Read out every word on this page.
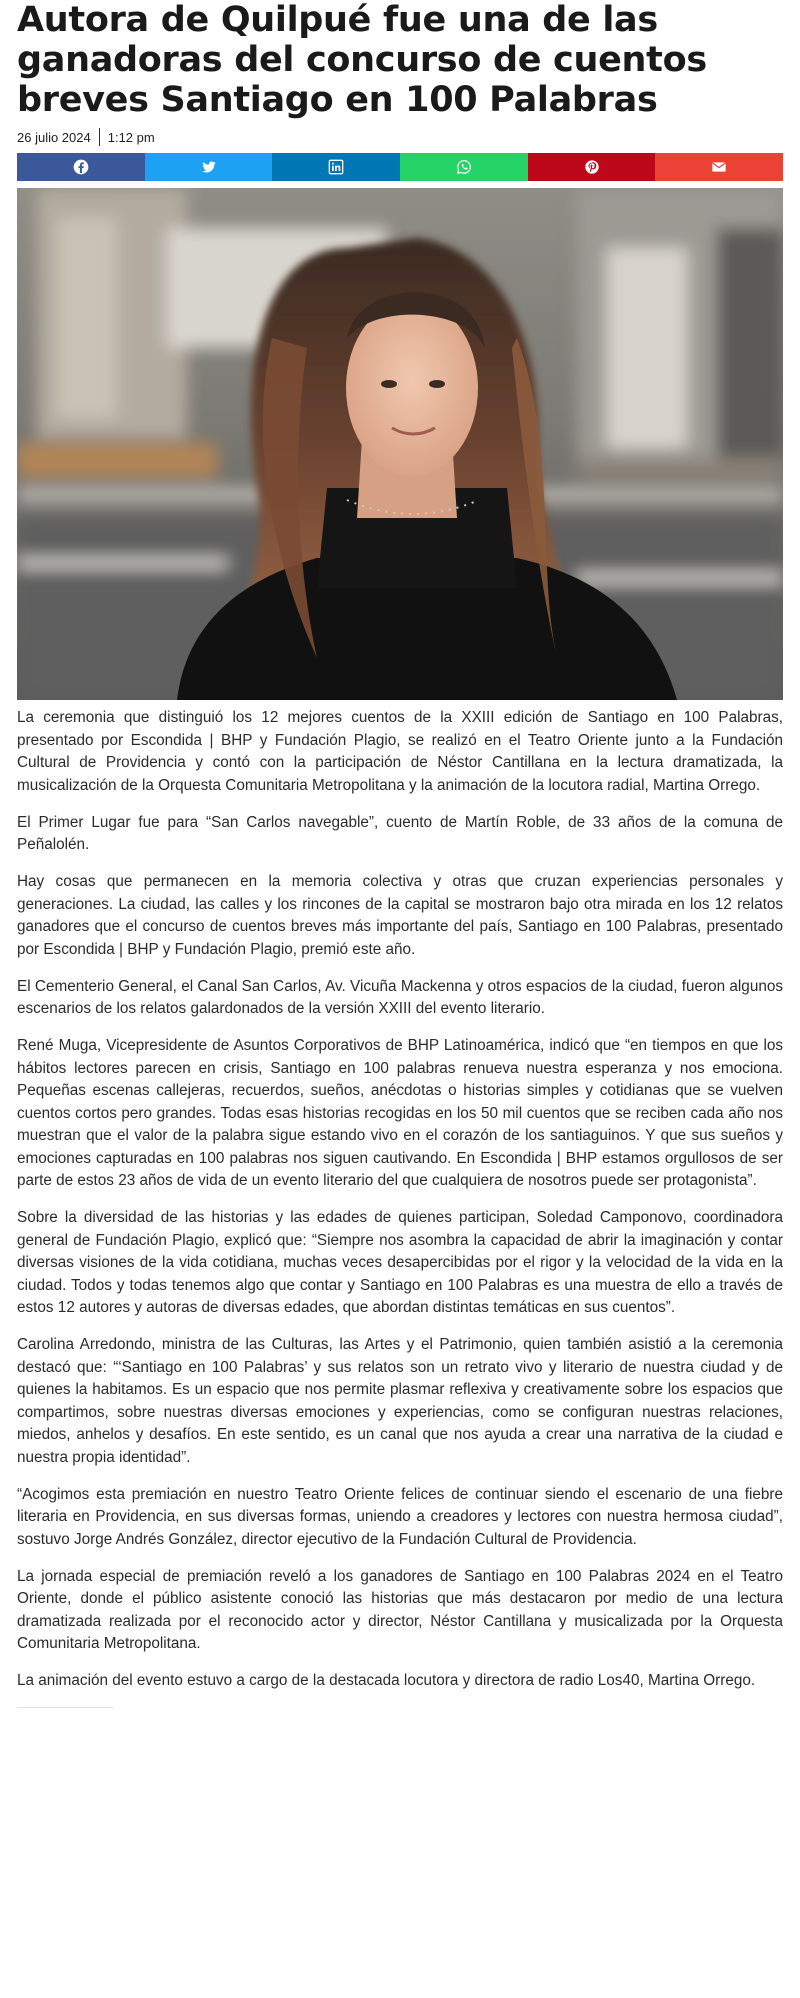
Autora de Quilpué fue una de las ganadoras del concurso de cuentos breves Santiago en 100 Palabras
26 julio 2024 1:12 pm

La ceremonia que distinguió los 12 mejores cuentos de la XXIII edición de Santiago en 100 Palabras, presentado por Escondida | BHP y Fundación Plagio, se realizó en el Teatro Oriente junto a la Fundación Cultural de Providencia y contó con la participación de Néstor Cantillana en la lectura dramatizada, la musicalización de la Orquesta Comunitaria Metropolitana y la animación de la locutora radial, Martina Orrego.

El Primer Lugar fue para “San Carlos navegable”, cuento de Martín Roble, de 33 años de la comuna de Peñalolén.

Hay cosas que permanecen en la memoria colectiva y otras que cruzan experiencias personales y generaciones. La ciudad, las calles y los rincones de la capital se mostraron bajo otra mirada en los 12 relatos ganadores que el concurso de cuentos breves más importante del país, Santiago en 100 Palabras, presentado por Escondida | BHP y Fundación Plagio, premió este año.

El Cementerio General, el Canal San Carlos, Av. Vicuña Mackenna y otros espacios de la ciudad, fueron algunos escenarios de los relatos galardonados de la versión XXIII del evento literario.

René Muga, Vicepresidente de Asuntos Corporativos de BHP Latinoamérica, indicó que “en tiempos en que los hábitos lectores parecen en crisis, Santiago en 100 palabras renueva nuestra esperanza y nos emociona. Pequeñas escenas callejeras, recuerdos, sueños, anécdotas o historias simples y cotidianas que se vuelven cuentos cortos pero grandes. Todas esas historias recogidas en los 50 mil cuentos que se reciben cada año nos muestran que el valor de la palabra sigue estando vivo en el corazón de los santiaguinos. Y que sus sueños y emociones capturadas en 100 palabras nos siguen cautivando. En Escondida | BHP estamos orgullosos de ser parte de estos 23 años de vida de un evento literario del que cualquiera de nosotros puede ser protagonista”.

Sobre la diversidad de las historias y las edades de quienes participan, Soledad Camponovo, coordinadora general de Fundación Plagio, explicó que: “Siempre nos asombra la capacidad de abrir la imaginación y contar diversas visiones de la vida cotidiana, muchas veces desapercibidas por el rigor y la velocidad de la vida en la ciudad. Todos y todas tenemos algo que contar y Santiago en 100 Palabras es una muestra de ello a través de estos 12 autores y autoras de diversas edades, que abordan distintas temáticas en sus cuentos”.

Carolina Arredondo, ministra de las Culturas, las Artes y el Patrimonio, quien también asistió a la ceremonia destacó que: “‘Santiago en 100 Palabras’ y sus relatos son un retrato vivo y literario de nuestra ciudad y de quienes la habitamos. Es un espacio que nos permite plasmar reflexiva y creativamente sobre los espacios que compartimos, sobre nuestras diversas emociones y experiencias, como se configuran nuestras relaciones, miedos, anhelos y desafíos. En este sentido, es un canal que nos ayuda a crear una narrativa de la ciudad e nuestra propia identidad”.

“Acogimos esta premiación en nuestro Teatro Oriente felices de continuar siendo el escenario de una fiebre literaria en Providencia, en sus diversas formas, uniendo a creadores y lectores con nuestra hermosa ciudad”, sostuvo Jorge Andrés González, director ejecutivo de la Fundación Cultural de Providencia.

La jornada especial de premiación reveló a los ganadores de Santiago en 100 Palabras 2024 en el Teatro Oriente, donde el público asistente conoció las historias que más destacaron por medio de una lectura dramatizada realizada por el reconocido actor y director, Néstor Cantillana y musicalizada por la Orquesta Comunitaria Metropolitana.

La animación del evento estuvo a cargo de la destacada locutora y directora de radio Los40, Martina Orrego.
